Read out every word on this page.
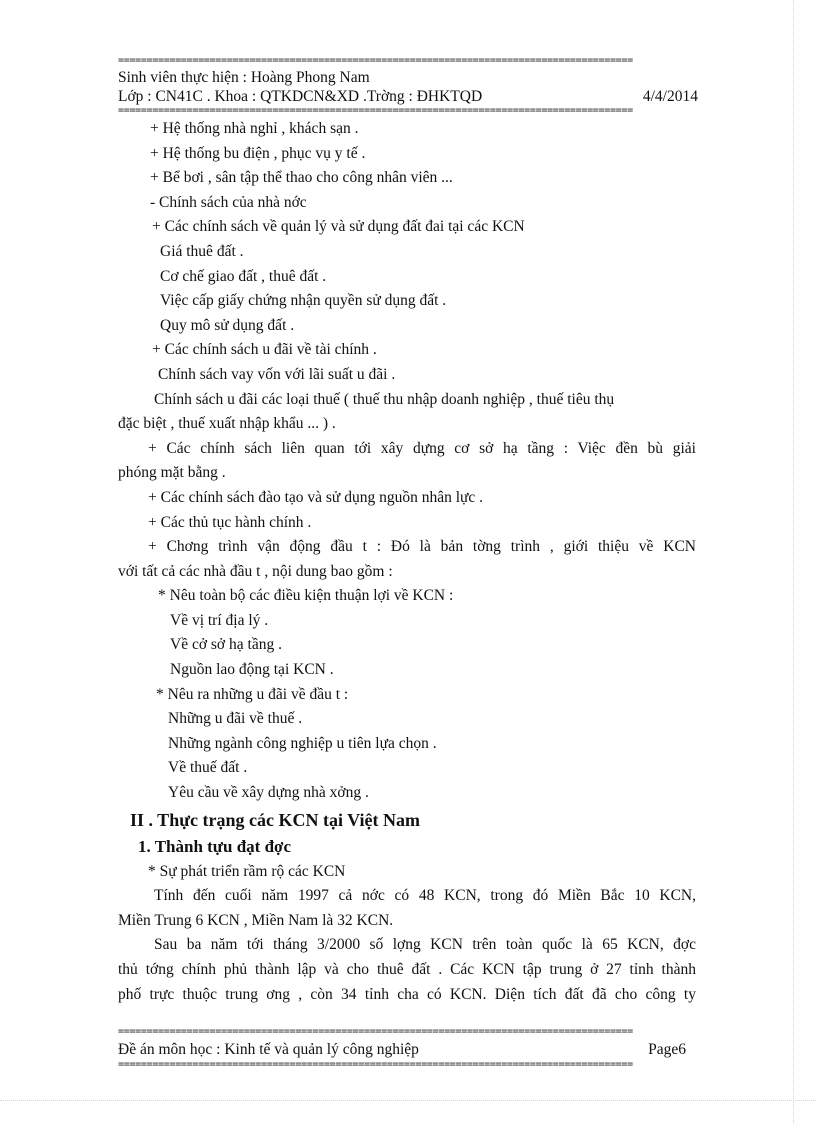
==========================================================================================
Sinh viên thực hiện : Hoàng Phong Nam
Lớp : CN41C . Khoa : QTKDCN&XD .Trờng : ĐHKTQD	4/4/2014
==========================================================================================
+ Hệ thống nhà nghỉ , khách sạn .
+ Hệ thống bu điện , phục vụ y tế .
+ Bể bơi , sân tập thể thao cho công nhân viên ...
- Chính sách của nhà nớc
+ Các chính sách về quản lý và sử dụng đất đai tại các KCN
Giá thuê đất .
Cơ chế giao đất , thuê đất .
Việc cấp giấy chứng nhận quyền sử dụng đất .
Quy mô sử dụng đất .
+ Các chính sách u đãi về tài chính .
Chính sách vay vốn với lãi suất u đãi .
Chính sách u đãi các loại thuế ( thuế thu nhập doanh nghiệp , thuế tiêu thụ
đặc biệt , thuế xuất nhập khẩu ... ) .
+ Các chính sách liên quan tới xây dựng cơ sở hạ tầng : Việc đền bù giải
phóng mặt bằng .
+ Các chính sách đào tạo và sử dụng nguồn nhân lực .
+ Các thủ tục hành chính .
+ Chơng trình vận động đầu t : Đó là bản tờng trình , giới thiệu về KCN
với tất cả các nhà đầu t , nội dung bao gồm :
* Nêu toàn bộ các điều kiện thuận lợi về KCN :
Về vị trí địa lý .
Về cở sở hạ tầng .
Nguồn lao động tại KCN .
* Nêu ra những u đãi về đầu t :
Những u đãi về thuế .
Những ngành công nghiệp u tiên lựa chọn .
Về thuế đất .
Yêu cầu về xây dựng nhà xởng .
II . Thực trạng các KCN tại Việt Nam
1. Thành tựu đạt đợc
* Sự phát triển rầm rộ các KCN
Tính đến cuối năm 1997 cả nớc có 48 KCN, trong đó Miền Bắc 10 KCN,
Miền Trung 6 KCN , Miền Nam là 32 KCN.
Sau ba năm tới tháng 3/2000 số lợng KCN trên toàn quốc là 65 KCN, đợc
thủ tớng chính phủ thành lập và cho thuê đất . Các KCN tập trung ở 27 tỉnh thành
phố trực thuộc trung ơng , còn 34 tỉnh cha có KCN. Diện tích đất đã cho công ty
==========================================================================================
Đề án môn học : Kinh tế và quản lý công nghiệp	Page6
==========================================================================================
